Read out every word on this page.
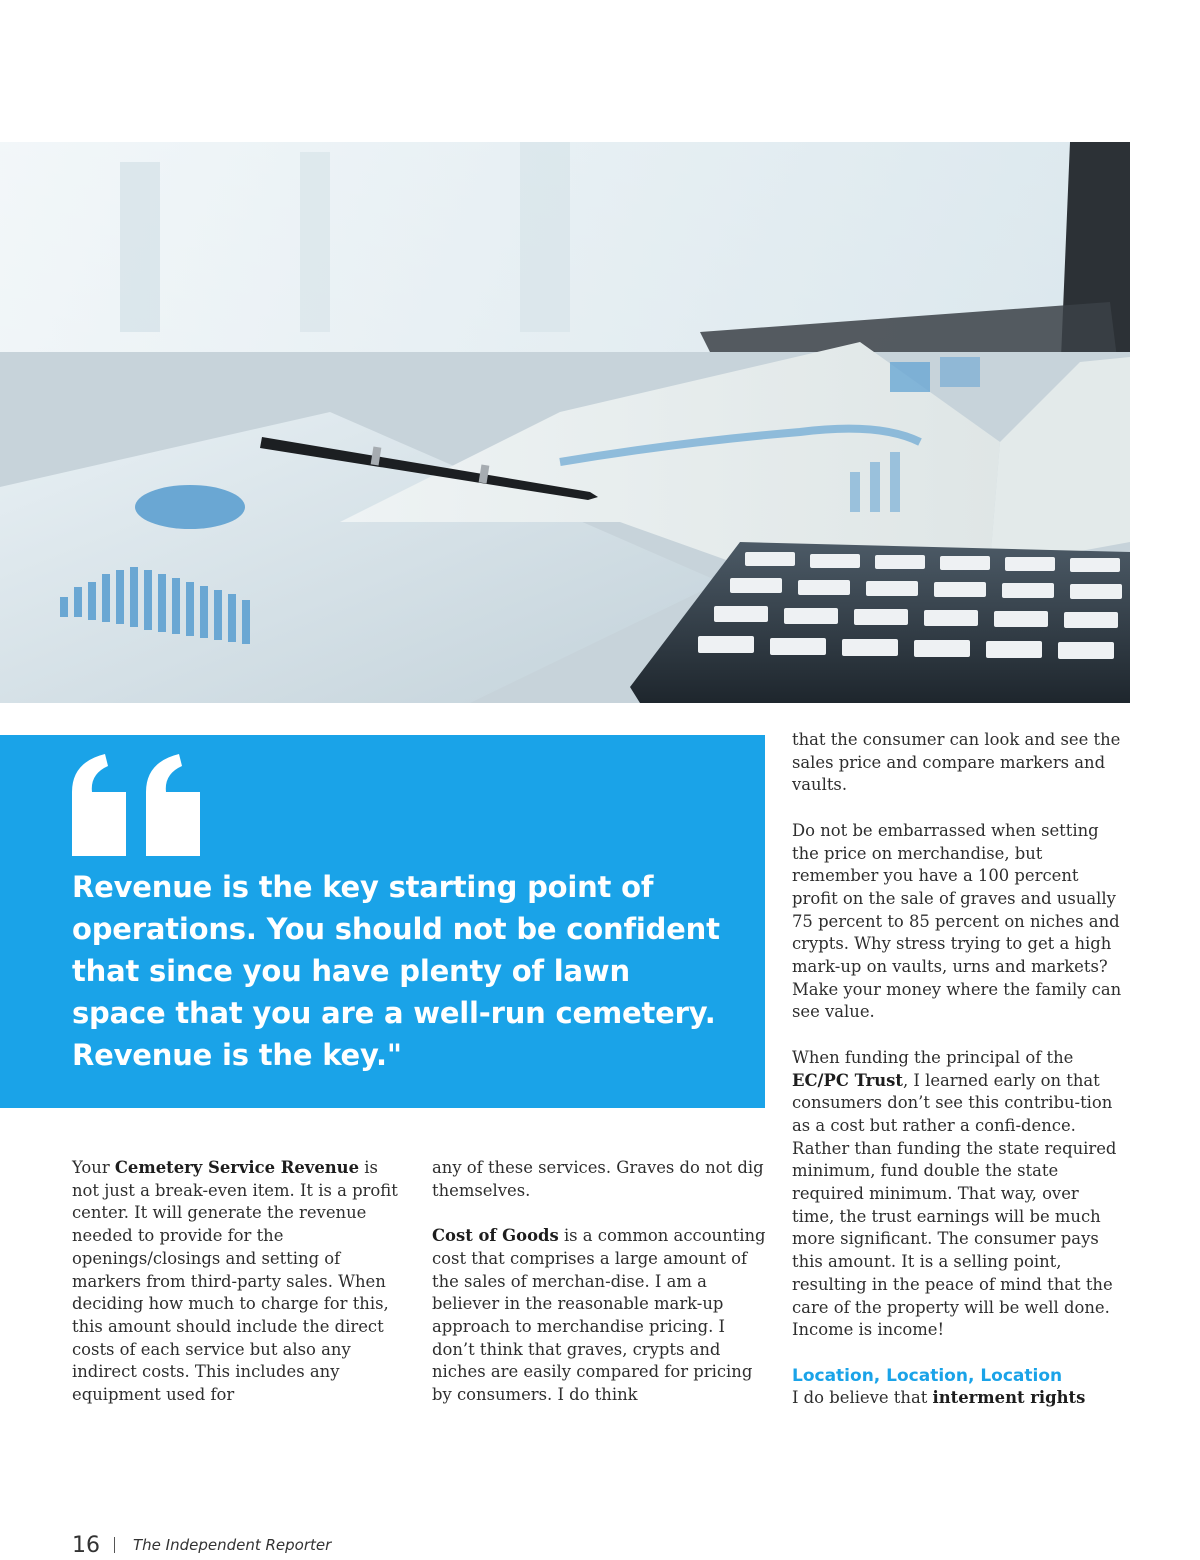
Revenue is the key starting point of operations. You should not be confident that since you have plenty of lawn space that you are a well-run cemetery. Revenue is the key."

Your Cemetery Service Revenue is not just a break-even item. It is a profit center. It will generate the revenue needed to provide for the openings/closings and setting of markers from third-party sales. When deciding how much to charge for this, this amount should include the direct costs of each service but also any indirect costs. This includes any equipment used for

any of these services. Graves do not dig themselves.

Cost of Goods is a common accounting cost that comprises a large amount of the sales of merchan-dise. I am a believer in the reasonable mark-up approach to merchandise pricing. I don’t think that graves, crypts and niches are easily compared for pricing by consumers. I do think

that the consumer can look and see the sales price and compare markers and vaults.

Do not be embarrassed when setting the price on merchandise, but remember you have a 100 percent profit on the sale of graves and usually 75 percent to 85 percent on niches and crypts. Why stress trying to get a high mark-up on vaults, urns and markets? Make your money where the family can see value.

When funding the principal of the EC/PC Trust, I learned early on that consumers don’t see this contribu-tion as a cost but rather a confi-dence. Rather than funding the state required minimum, fund double the state required minimum. That way, over time, the trust earnings will be much more significant. The consumer pays this amount. It is a selling point, resulting in the peace of mind that the care of the property will be well done. Income is income!

Location, Location, Location
I do believe that interment rights

16 The Independent Reporter
